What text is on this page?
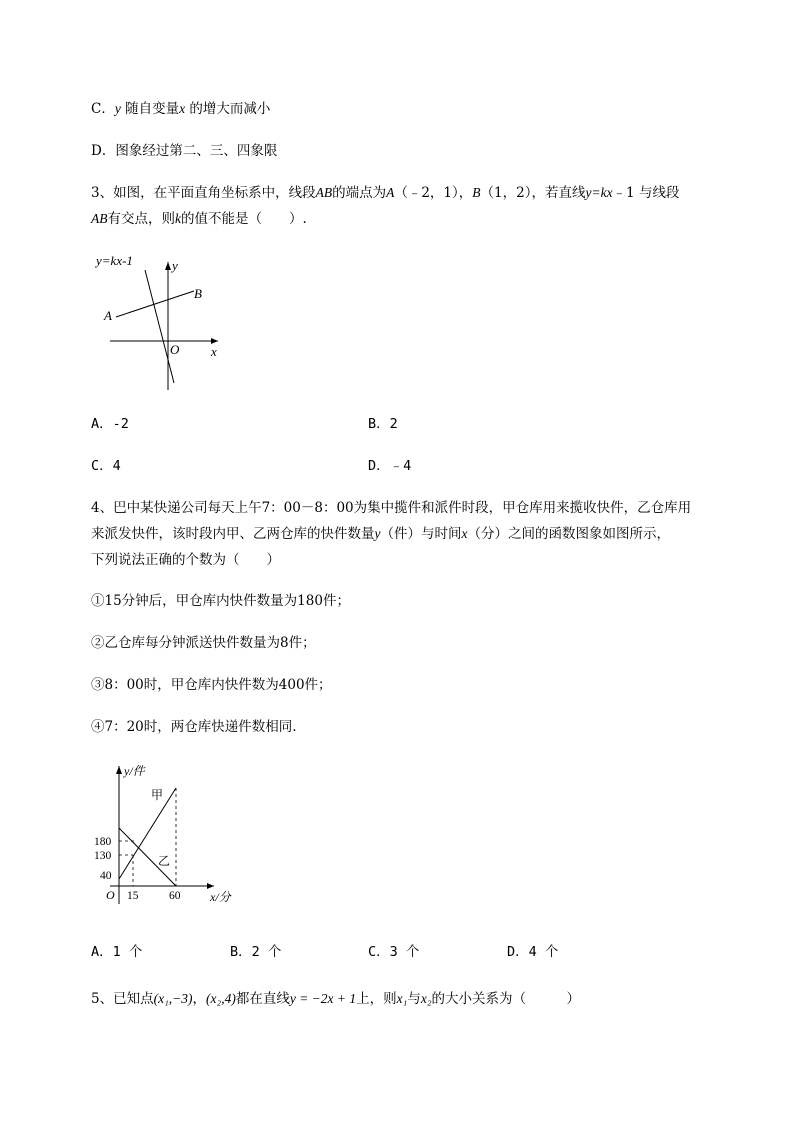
C．y 随自变量x 的增大而减小
D．图象经过第二、三、四象限
3、如图，在平面直角坐标系中，线段AB的端点为A（﹣2，1），B（1，2），若直线y=kx﹣1 与线段
AB有交点，则k的值不能是（　　）.
y=kx-1	y
B
A
O x
A．-2	B．2
C．4	D．﹣4
4、巴中某快递公司每天上午7：00－8：00为集中揽件和派件时段，甲仓库用来揽收快件，乙仓库用
来派发快件，该时段内甲、乙两仓库的快件数量y（件）与时间x（分）之间的函数图象如图所示，
下列说法正确的个数为（　　）
①15分钟后，甲仓库内快件数量为180件；
②乙仓库每分钟派送快件数量为8件；
③8：00时，甲仓库内快件数为400件；
④7：20时，两仓库快递件数相同.
y/件
甲
乙
180
130
40
O 15	60 x/分
A．1 个	B．2 个	C．3 个	D．4 个
5、已知点(x₁,−3)，(x₂,4)都在直线y = −2x + 1上，则x₁与x₂的大小关系为（　　　）
